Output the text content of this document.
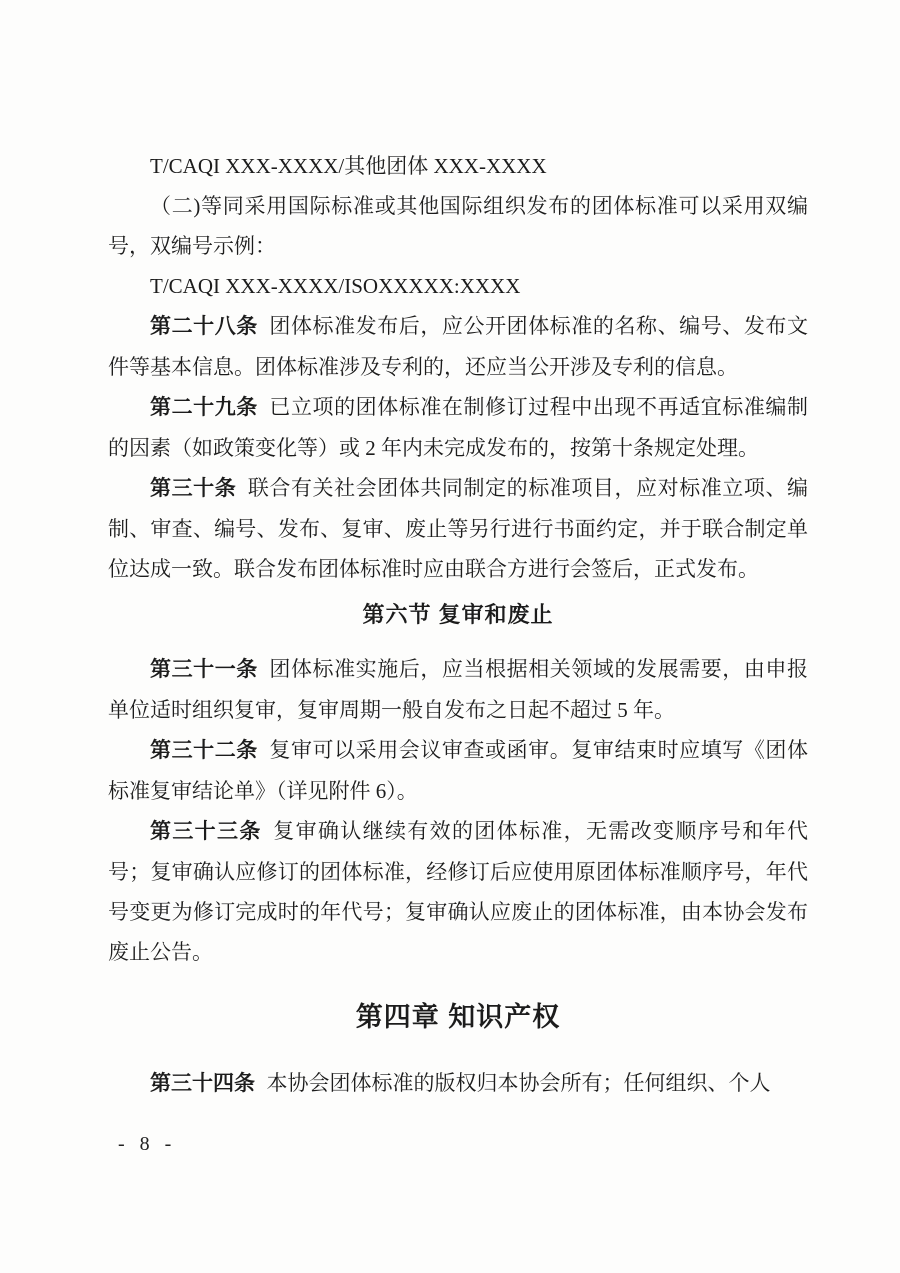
T/CAQI XXX-XXXX/其他团体 XXX-XXXX

（二)等同采用国际标准或其他国际组织发布的团体标准可以采用双编号，双编号示例：

T/CAQI XXX-XXXX/ISOXXXXX:XXXX

第二十八条 团体标准发布后，应公开团体标准的名称、编号、发布文件等基本信息。团体标准涉及专利的，还应当公开涉及专利的信息。

第二十九条 已立项的团体标准在制修订过程中出现不再适宜标准编制的因素（如政策变化等）或 2 年内未完成发布的，按第十条规定处理。

第三十条 联合有关社会团体共同制定的标准项目，应对标准立项、编制、审查、编号、发布、复审、废止等另行进行书面约定，并于联合制定单位达成一致。联合发布团体标准时应由联合方进行会签后，正式发布。

第六节 复审和废止

第三十一条 团体标准实施后，应当根据相关领域的发展需要，由申报单位适时组织复审，复审周期一般自发布之日起不超过 5 年。

第三十二条 复审可以采用会议审查或函审。复审结束时应填写《团体标准复审结论单》（详见附件 6）。

第三十三条 复审确认继续有效的团体标准，无需改变顺序号和年代号；复审确认应修订的团体标准，经修订后应使用原团体标准顺序号，年代号变更为修订完成时的年代号；复审确认应废止的团体标准，由本协会发布废止公告。

第四章 知识产权

第三十四条 本协会团体标准的版权归本协会所有；任何组织、个人

- 8 -
